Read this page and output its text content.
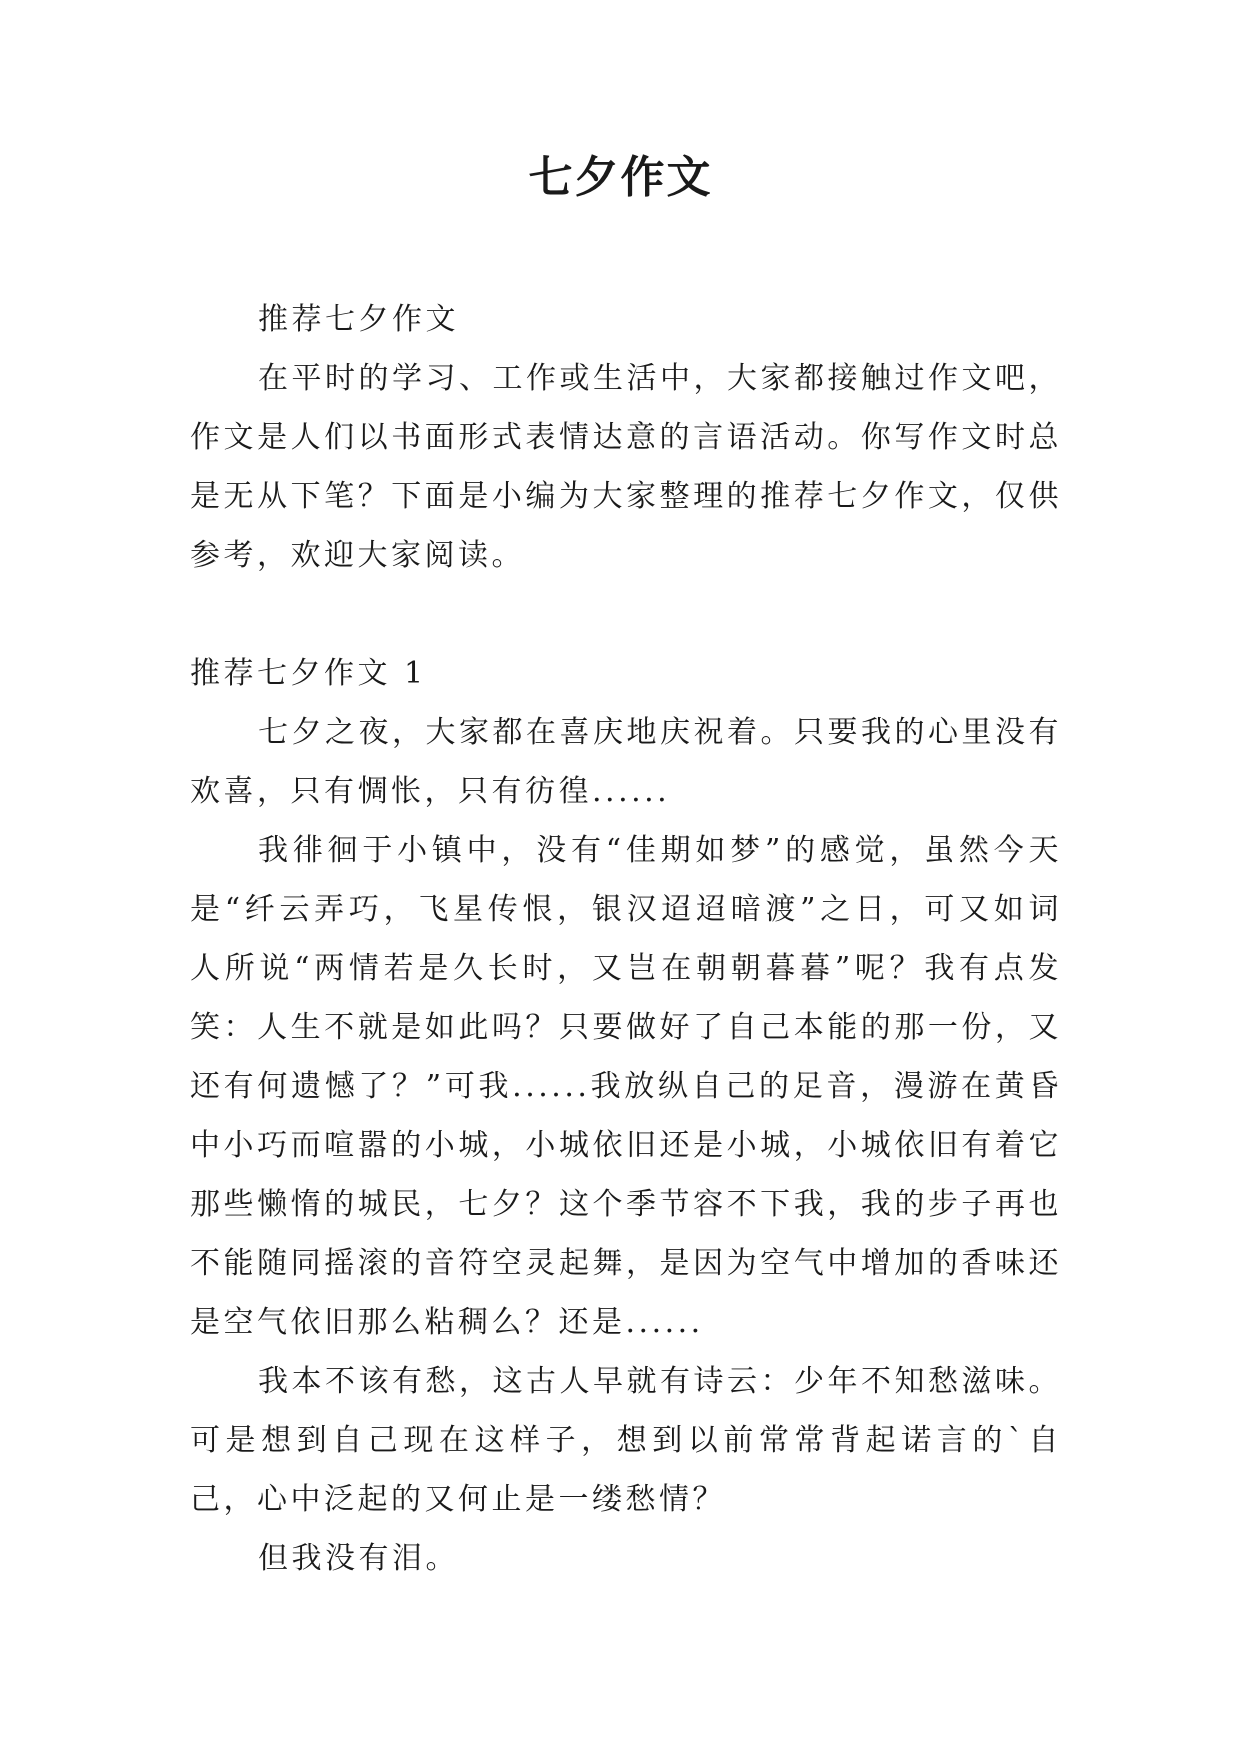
七夕作文

推荐七夕作文

在平时的学习、工作或生活中，大家都接触过作文吧，作文是人们以书面形式表情达意的言语活动。你写作文时总是无从下笔？下面是小编为大家整理的推荐七夕作文，仅供参考，欢迎大家阅读。

推荐七夕作文 1

七夕之夜，大家都在喜庆地庆祝着。只要我的心里没有欢喜，只有惆怅，只有彷徨......

我徘徊于小镇中，没有“佳期如梦”的感觉，虽然今天是“纤云弄巧，飞星传恨，银汉迢迢暗渡”之日，可又如词人所说“两情若是久长时，又岂在朝朝暮暮”呢？我有点发笑：人生不就是如此吗？只要做好了自己本能的那一份，又还有何遗憾了？”可我......我放纵自己的足音，漫游在黄昏中小巧而喧嚣的小城，小城依旧还是小城，小城依旧有着它那些懒惰的城民，七夕？这个季节容不下我，我的步子再也不能随同摇滚的音符空灵起舞，是因为空气中增加的香味还是空气依旧那么粘稠么？还是......

我本不该有愁，这古人早就有诗云：少年不知愁滋味。可是想到自己现在这样子，想到以前常常背起诺言的`自己，心中泛起的又何止是一缕愁情？

但我没有泪。
